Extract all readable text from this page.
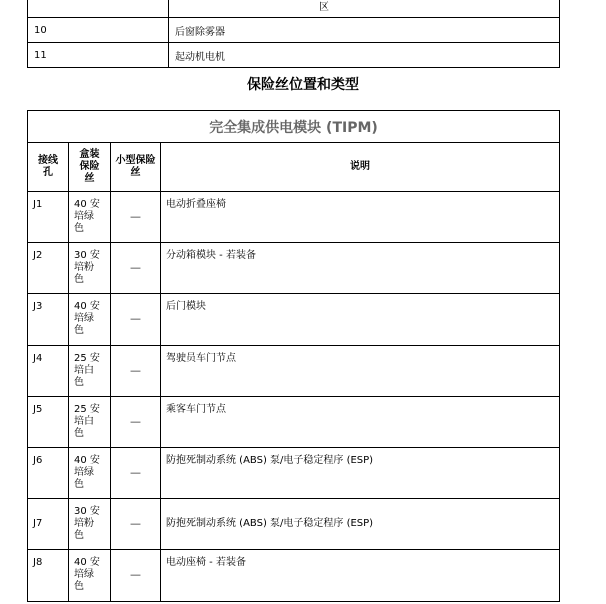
	区
10	后窗除雾器
11	起动机电机
保险丝位置和类型
完全集成供电模块 (TIPM)			
接线孔	盒装保险丝	小型保险丝	说明
J1	40 安培绿色	—	电动折叠座椅
J2	30 安培粉色	—	分动箱模块 - 若装备
J3	40 安培绿色	—	后门模块
J4	25 安培白色	—	驾驶员车门节点
J5	25 安培白色	—	乘客车门节点
J6	40 安培绿色	—	防抱死制动系统 (ABS) 泵/电子稳定程序 (ESP)
J7	30 安培粉色	—	防抱死制动系统 (ABS) 泵/电子稳定程序 (ESP)
J8	40 安培绿色	—	电动座椅 - 若装备
